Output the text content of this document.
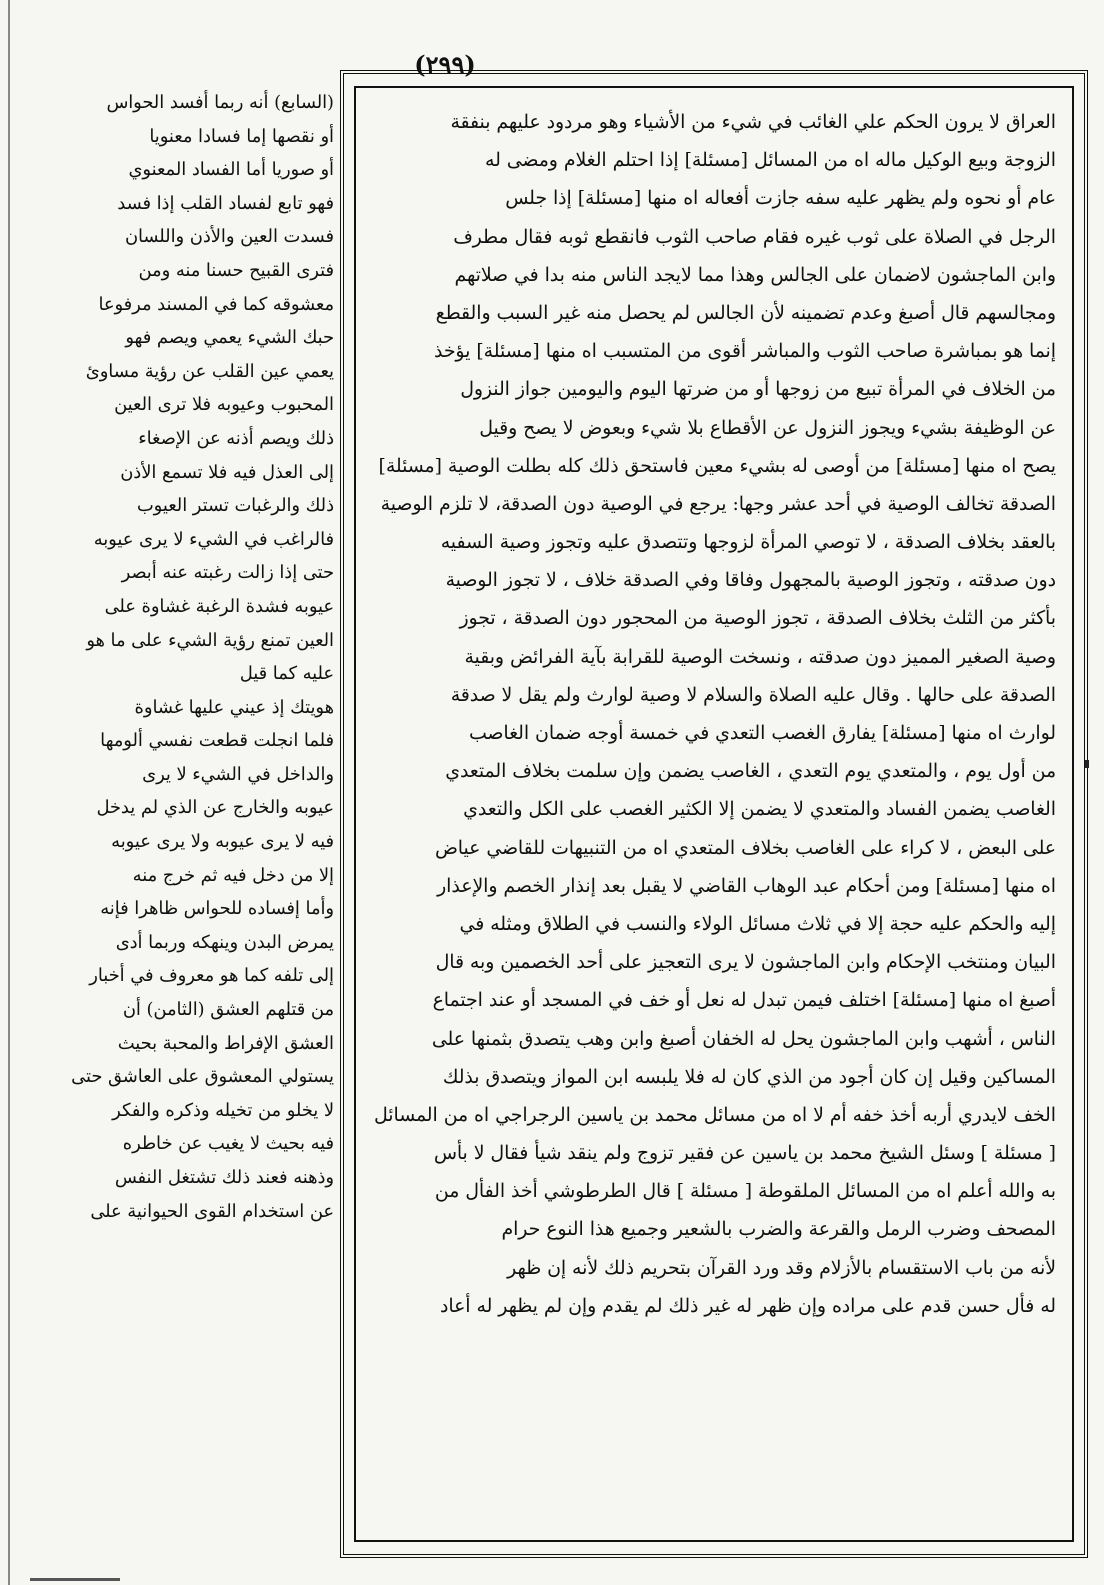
(٢٩٩)
(السابع) أنه ربما أفسد الحواس
أو نقصها إما فسادا معنويا
أو صوريا أما الفساد المعنوي
فهو تابع لفساد القلب إذا فسد
فسدت العين والأذن واللسان
فترى القبيح حسنا منه ومن
معشوقه كما في المسند مرفوعا
حبك الشيء يعمي ويصم فهو
يعمي عين القلب عن رؤية مساوئ
المحبوب وعيوبه فلا ترى العين
ذلك ويصم أذنه عن الإصغاء
إلى العذل فيه فلا تسمع الأذن
ذلك والرغبات تستر العيوب
فالراغب في الشيء لا يرى عيوبه
حتى إذا زالت رغبته عنه أبصر
عيوبه فشدة الرغبة غشاوة على
العين تمنع رؤية الشيء على ما هو
عليه كما قيل
هويتك إذ عيني عليها غشاوة
فلما انجلت قطعت نفسي ألومها
والداخل في الشيء لا يرى
عيوبه والخارج عن الذي لم يدخل
فيه لا يرى عيوبه ولا يرى عيوبه
إلا من دخل فيه ثم خرج منه
وأما إفساده للحواس ظاهرا فإنه
يمرض البدن وينهكه وربما أدى
إلى تلفه كما هو معروف في أخبار
من قتلهم العشق (الثامن) أن
العشق الإفراط والمحبة بحيث
يستولي المعشوق على العاشق حتى
لا يخلو من تخيله وذكره والفكر
فيه بحيث لا يغيب عن خاطره
وذهنه فعند ذلك تشتغل النفس
عن استخدام القوى الحيوانية على
العراق لا يرون الحكم علي الغائب في شيء من الأشياء وهو مردود عليهم بنفقة
الزوجة وبيع الوكيل ماله اه من المسائل [مسئلة] إذا احتلم الغلام ومضى له
عام أو نحوه ولم يظهر عليه سفه جازت أفعاله اه منها [مسئلة] إذا جلس
الرجل في الصلاة على ثوب غيره فقام صاحب الثوب فانقطع ثوبه فقال مطرف
وابن الماجشون لاضمان على الجالس وهذا مما لايجد الناس منه بدا في صلاتهم
ومجالسهم قال أصبغ وعدم تضمينه لأن الجالس لم يحصل منه غير السبب والقطع
إنما هو بمباشرة صاحب الثوب والمباشر أقوى من المتسبب اه منها [مسئلة] يؤخذ
من الخلاف في المرأة تبيع من زوجها أو من ضرتها اليوم واليومين جواز النزول
عن الوظيفة بشيء ويجوز النزول عن الأقطاع بلا شيء وبعوض لا يصح وقيل
يصح اه منها [مسئلة] من أوصى له بشيء معين فاستحق ذلك كله بطلت الوصية [مسئلة]
الصدقة تخالف الوصية في أحد عشر وجها: يرجع في الوصية دون الصدقة، لا تلزم الوصية
بالعقد بخلاف الصدقة ، لا توصي المرأة لزوجها وتتصدق عليه وتجوز وصية السفيه
دون صدقته ، وتجوز الوصية بالمجهول وفاقا وفي الصدقة خلاف ، لا تجوز الوصية
بأكثر من الثلث بخلاف الصدقة ، تجوز الوصية من المحجور دون الصدقة ، تجوز
وصية الصغير المميز دون صدقته ، ونسخت الوصية للقرابة بآية الفرائض وبقية
الصدقة على حالها . وقال عليه الصلاة والسلام لا وصية لوارث ولم يقل لا صدقة
لوارث اه منها [مسئلة] يفارق الغصب التعدي في خمسة أوجه ضمان الغاصب
من أول يوم ، والمتعدي يوم التعدي ، الغاصب يضمن وإن سلمت بخلاف المتعدي
الغاصب يضمن الفساد والمتعدي لا يضمن إلا الكثير الغصب على الكل والتعدي
على البعض ، لا كراء على الغاصب بخلاف المتعدي اه من التنبيهات للقاضي عياض
اه منها [مسئلة] ومن أحكام عبد الوهاب القاضي لا يقبل بعد إنذار الخصم والإعذار
إليه والحكم عليه حجة إلا في ثلاث مسائل الولاء والنسب في الطلاق ومثله في
البيان ومنتخب الإحكام وابن الماجشون لا يرى التعجيز على أحد الخصمين وبه قال
أصبغ اه منها [مسئلة] اختلف فيمن تبدل له نعل أو خف في المسجد أو عند اجتماع
الناس ، أشهب وابن الماجشون يحل له الخفان أصبغ وابن وهب يتصدق بثمنها على
المساكين وقيل إن كان أجود من الذي كان له فلا يلبسه ابن المواز ويتصدق بذلك
الخف لايدري أربه أخذ خفه أم لا اه من مسائل محمد بن ياسين الرجراجي اه من المسائل
[ مسئلة ] وسئل الشيخ محمد بن ياسين عن فقير تزوج ولم ينقد شيأ فقال لا بأس
به والله أعلم اه من المسائل الملقوطة [ مسئلة ] قال الطرطوشي أخذ الفأل من
المصحف وضرب الرمل والقرعة والضرب بالشعير وجميع هذا النوع حرام
لأنه من باب الاستقسام بالأزلام وقد ورد القرآن بتحريم ذلك لأنه إن ظهر
له فأل حسن قدم على مراده وإن ظهر له غير ذلك لم يقدم وإن لم يظهر له أعاد
